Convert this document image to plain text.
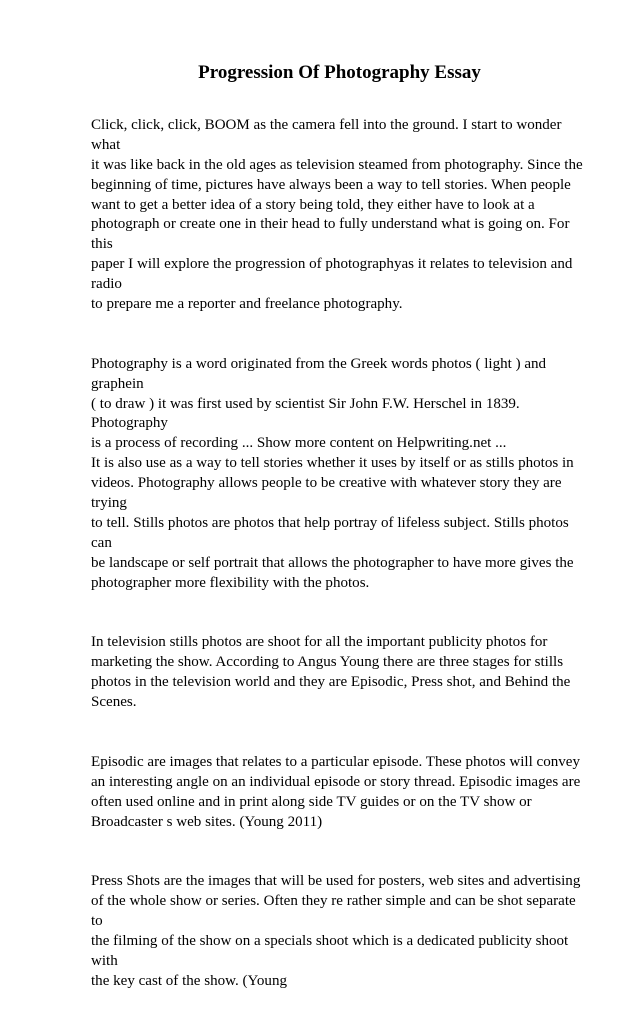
Progression Of Photography Essay

Click, click, click, BOOM as the camera fell into the ground. I start to wonder what
it was like back in the old ages as television steamed from photography. Since the
beginning of time, pictures have always been a way to tell stories. When people
want to get a better idea of a story being told, they either have to look at a
photograph or create one in their head to fully understand what is going on. For this
paper I will explore the progression of photographyas it relates to television and radio
to prepare me a reporter and freelance photography.

Photography is a word originated from the Greek words photos ( light ) and graphein
( to draw ) it was first used by scientist Sir John F.W. Herschel in 1839. Photography
is a process of recording ... Show more content on Helpwriting.net ...
It is also use as a way to tell stories whether it uses by itself or as stills photos in
videos. Photography allows people to be creative with whatever story they are trying
to tell. Stills photos are photos that help portray of lifeless subject. Stills photos can
be landscape or self portrait that allows the photographer to have more gives the
photographer more flexibility with the photos.

In television stills photos are shoot for all the important publicity photos for
marketing the show. According to Angus Young there are three stages for stills
photos in the television world and they are Episodic, Press shot, and Behind the
Scenes.

Episodic are images that relates to a particular episode. These photos will convey
an interesting angle on an individual episode or story thread. Episodic images are
often used online and in print along side TV guides or on the TV show or
Broadcaster s web sites. (Young 2011)

Press Shots are the images that will be used for posters, web sites and advertising
of the whole show or series. Often they re rather simple and can be shot separate to
the filming of the show on a specials shoot which is a dedicated publicity shoot with
the key cast of the show. (Young
